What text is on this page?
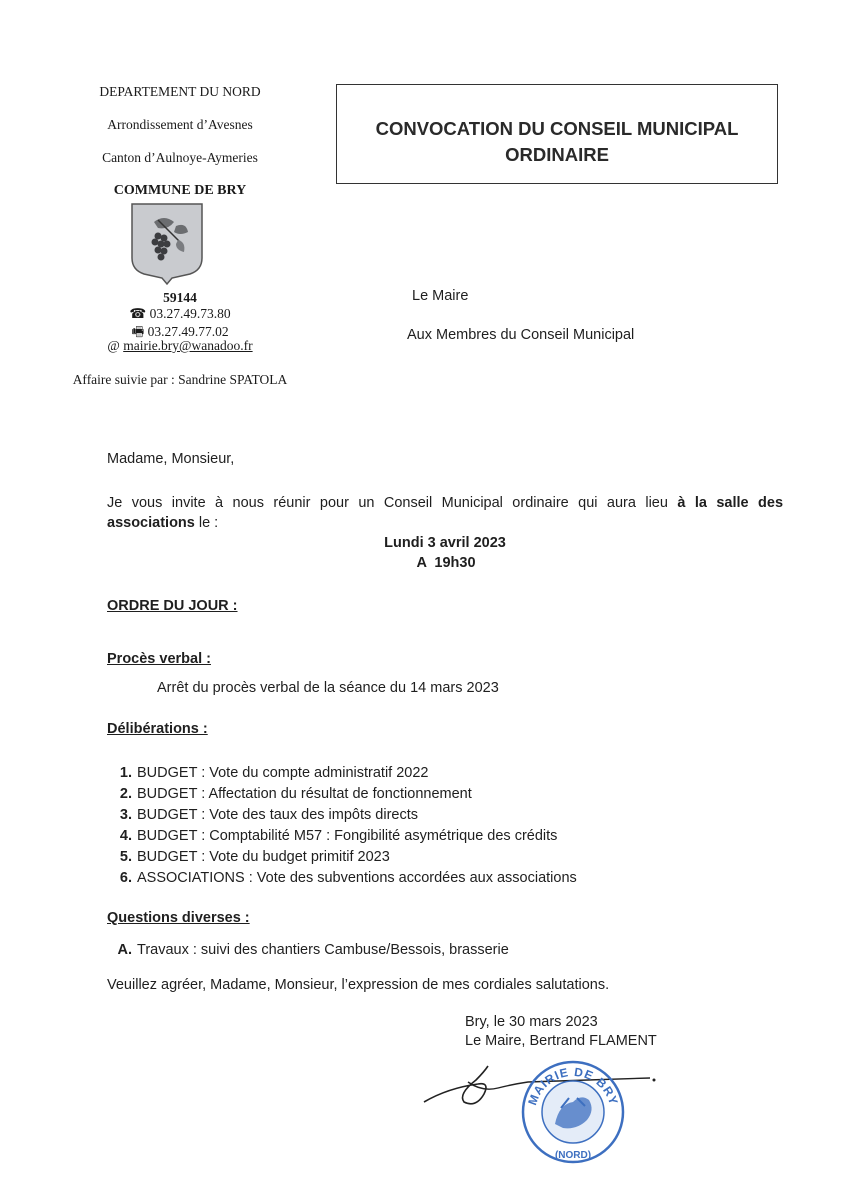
DEPARTEMENT DU NORD
Arrondissement d’Avesnes
Canton d’Aulnoye-Aymeries
COMMUNE DE BRY
59144
☎ 03.27.49.73.80
🖷 03.27.49.77.02
@ mairie.bry@wanadoo.fr
Affaire suivie par : Sandrine SPATOLA
CONVOCATION DU CONSEIL MUNICIPAL
ORDINAIRE
Le Maire
Aux Membres du Conseil Municipal
Madame, Monsieur,
Je vous invite à nous réunir pour un Conseil Municipal ordinaire qui aura lieu à la salle des associations le :
Lundi 3 avril 2023
A  19h30
ORDRE DU JOUR :
Procès verbal :
Arrêt du procès verbal de la séance du 14 mars 2023
Délibérations :
1. BUDGET : Vote du compte administratif 2022
2. BUDGET : Affectation du résultat de fonctionnement
3. BUDGET : Vote des taux des impôts directs
4. BUDGET : Comptabilité M57 : Fongibilité asymétrique des crédits
5. BUDGET : Vote du budget primitif 2023
6. ASSOCIATIONS : Vote des subventions accordées aux associations
Questions diverses :
A. Travaux : suivi des chantiers Cambuse/Bessois, brasserie
Veuillez agréer, Madame, Monsieur, l’expression de mes cordiales salutations.
Bry, le 30 mars 2023
Le Maire, Bertrand FLAMENT
MAIRIE DE BRY
(NORD)
